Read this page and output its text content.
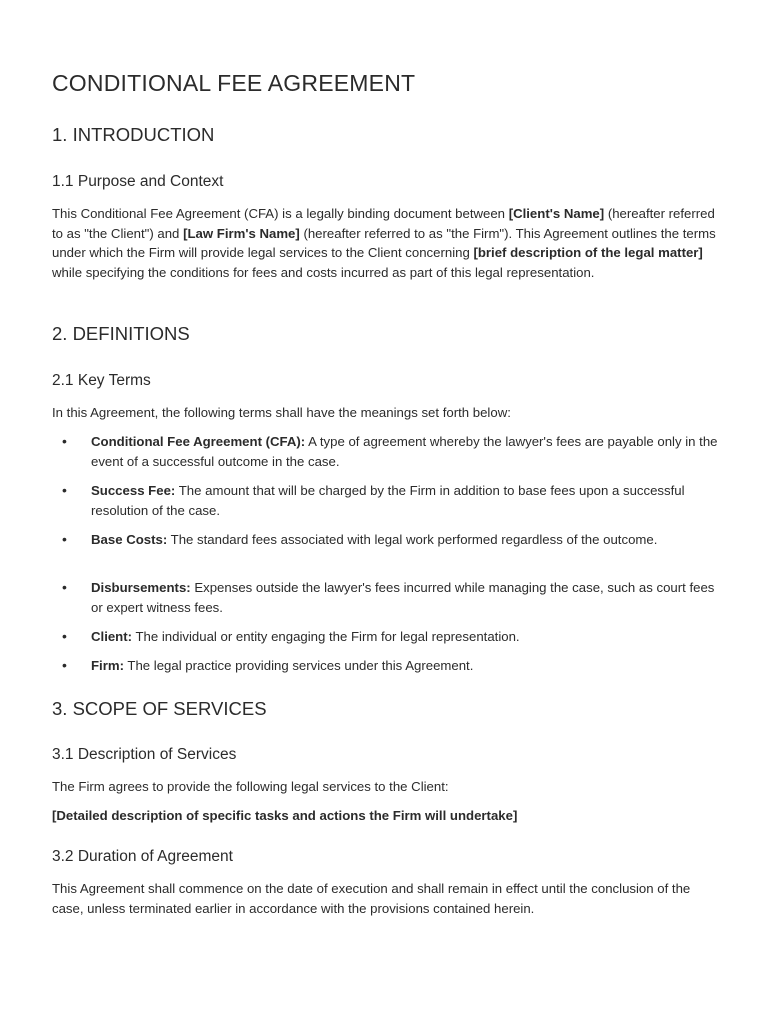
CONDITIONAL FEE AGREEMENT
1. INTRODUCTION
1.1 Purpose and Context

This Conditional Fee Agreement (CFA) is a legally binding document between [Client's Name] (hereafter referred to as "the Client") and [Law Firm's Name] (hereafter referred to as "the Firm"). This Agreement outlines the terms under which the Firm will provide legal services to the Client concerning [brief description of the legal matter] while specifying the conditions for fees and costs incurred as part of this legal representation.

2. DEFINITIONS
2.1 Key Terms

In this Agreement, the following terms shall have the meanings set forth below:

• Conditional Fee Agreement (CFA): A type of agreement whereby the lawyer's fees are payable only in the event of a successful outcome in the case.
• Success Fee: The amount that will be charged by the Firm in addition to base fees upon a successful resolution of the case.
• Base Costs: The standard fees associated with legal work performed regardless of the outcome.
• Disbursements: Expenses outside the lawyer's fees incurred while managing the case, such as court fees or expert witness fees.
• Client: The individual or entity engaging the Firm for legal representation.
• Firm: The legal practice providing services under this Agreement.
3. SCOPE OF SERVICES
3.1 Description of Services

The Firm agrees to provide the following legal services to the Client:

[Detailed description of specific tasks and actions the Firm will undertake]

3.2 Duration of Agreement

This Agreement shall commence on the date of execution and shall remain in effect until the conclusion of the case, unless terminated earlier in accordance with the provisions contained herein.
